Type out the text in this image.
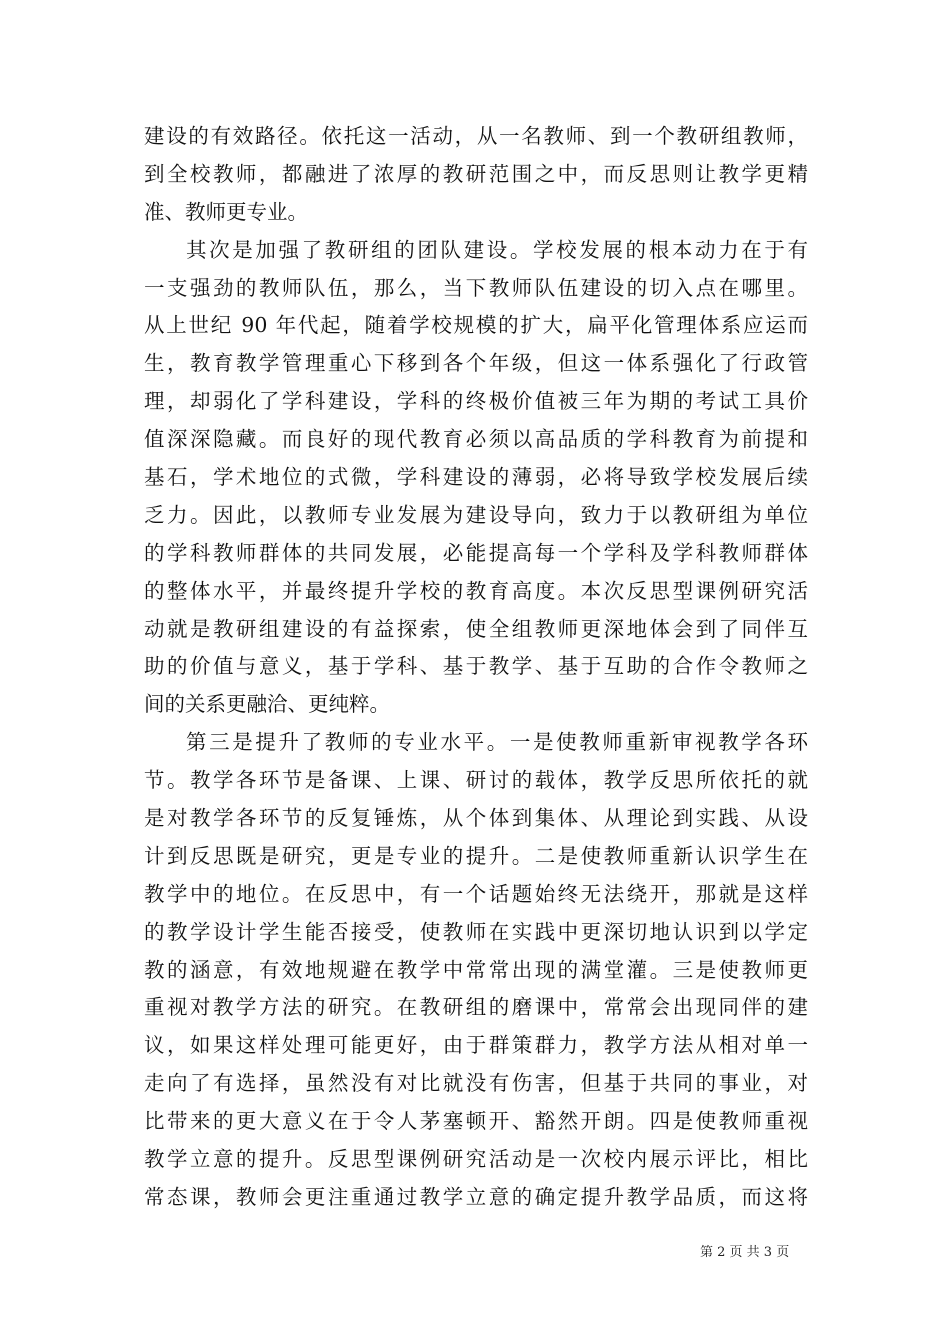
建设的有效路径。依托这一活动，从一名教师、到一个教研组教师，
到全校教师，都融进了浓厚的教研范围之中，而反思则让教学更精
准、教师更专业。
其次是加强了教研组的团队建设。学校发展的根本动力在于有
一支强劲的教师队伍，那么，当下教师队伍建设的切入点在哪里。
从上世纪 90 年代起，随着学校规模的扩大，扁平化管理体系应运而
生，教育教学管理重心下移到各个年级，但这一体系强化了行政管
理，却弱化了学科建设，学科的终极价值被三年为期的考试工具价
值深深隐藏。而良好的现代教育必须以高品质的学科教育为前提和
基石，学术地位的式微，学科建设的薄弱，必将导致学校发展后续
乏力。因此，以教师专业发展为建设导向，致力于以教研组为单位
的学科教师群体的共同发展，必能提高每一个学科及学科教师群体
的整体水平，并最终提升学校的教育高度。本次反思型课例研究活
动就是教研组建设的有益探索，使全组教师更深地体会到了同伴互
助的价值与意义，基于学科、基于教学、基于互助的合作令教师之
间的关系更融洽、更纯粹。
第三是提升了教师的专业水平。一是使教师重新审视教学各环
节。教学各环节是备课、上课、研讨的载体，教学反思所依托的就
是对教学各环节的反复锤炼，从个体到集体、从理论到实践、从设
计到反思既是研究，更是专业的提升。二是使教师重新认识学生在
教学中的地位。在反思中，有一个话题始终无法绕开，那就是这样
的教学设计学生能否接受，使教师在实践中更深切地认识到以学定
教的涵意，有效地规避在教学中常常出现的满堂灌。三是使教师更
重视对教学方法的研究。在教研组的磨课中，常常会出现同伴的建
议，如果这样处理可能更好，由于群策群力，教学方法从相对单一
走向了有选择，虽然没有对比就没有伤害，但基于共同的事业，对
比带来的更大意义在于令人茅塞顿开、豁然开朗。四是使教师重视
教学立意的提升。反思型课例研究活动是一次校内展示评比，相比
常态课，教师会更注重通过教学立意的确定提升教学品质，而这将
第 2 页 共 3 页
